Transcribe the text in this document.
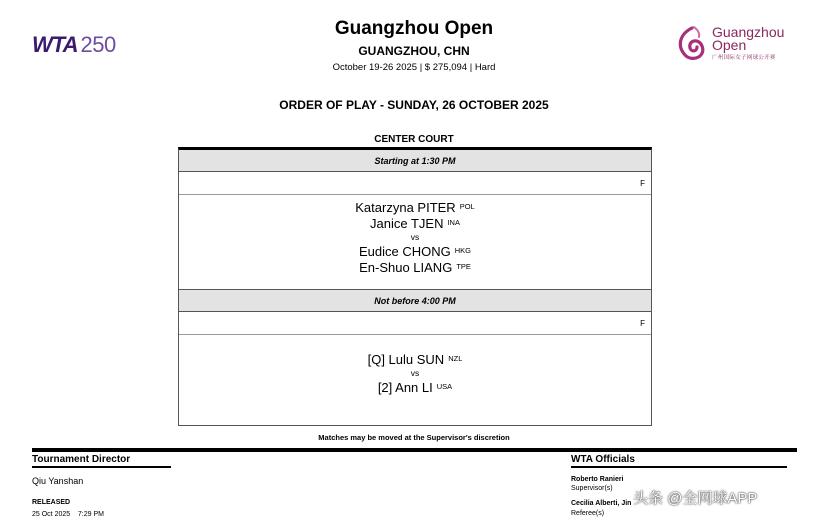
WTA 250
Guangzhou Open
GUANGZHOU, CHN
October 19-26 2025 | $ 275,094 | Hard
Guangzhou
Open
广州国际女子网球公开赛
ORDER OF PLAY - SUNDAY, 26 OCTOBER 2025
CENTER COURT
Starting at 1:30 PM
F
Katarzyna PITER $^{POL}$
Janice TJEN $^{INA}$
vs
Eudice CHONG $^{HKG}$
En-Shuo LIANG $^{TPE}$
Not before 4:00 PM
F
[Q] Lulu SUN $^{NZL}$
vs
[2] Ann LI $^{USA}$
Matches may be moved at the Supervisor's discretion
Tournament Director
Qiu Yanshan
RELEASED
25 Oct 2025    7:29 PM
WTA Officials
Roberto Ranieri
Supervisor(s)
Cecilia Alberti, Jin
Referee(s)
头条 @全网球APP
